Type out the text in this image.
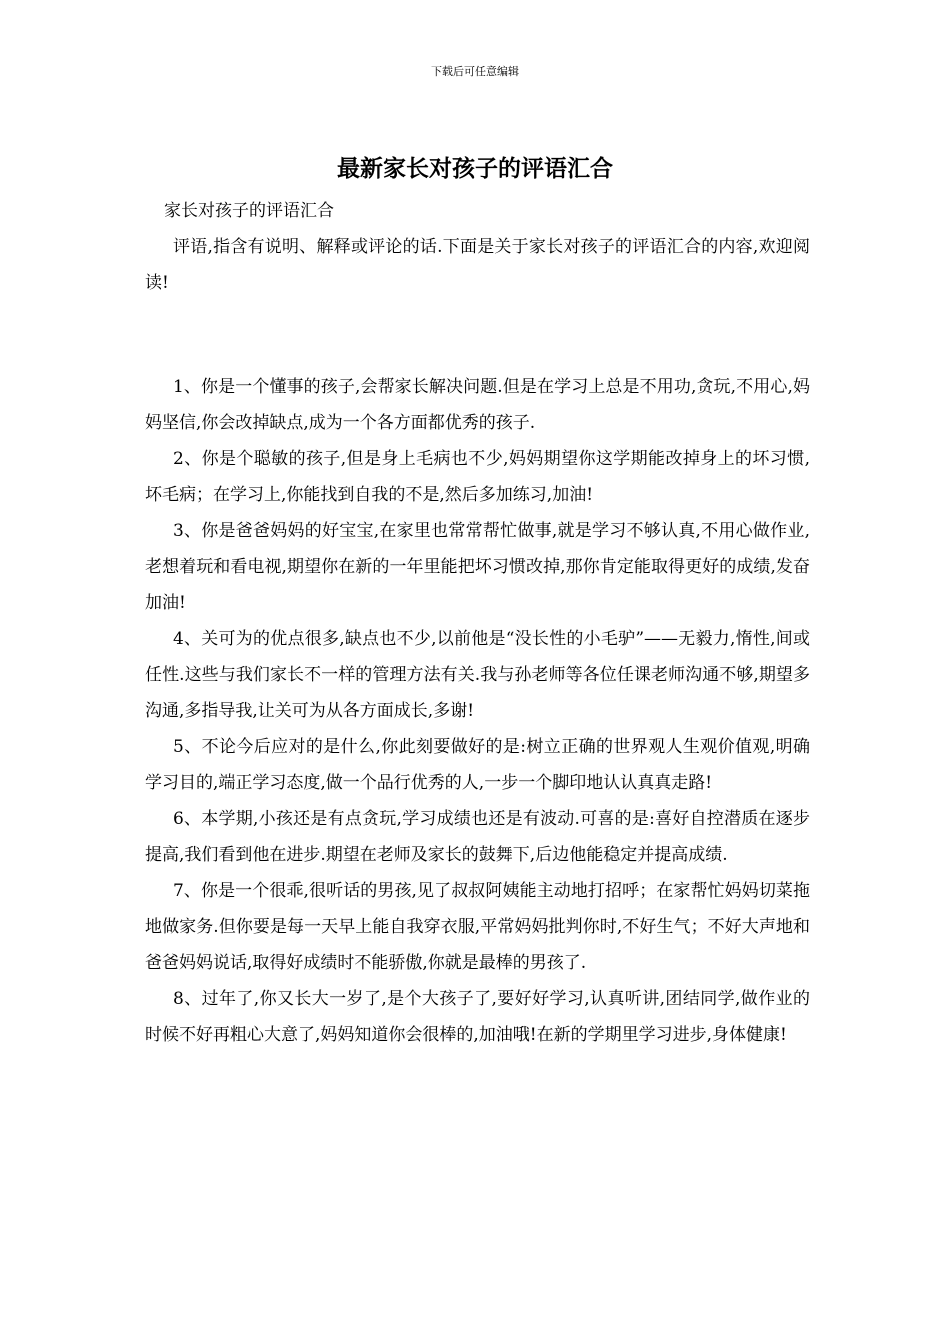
下载后可任意编辑
最新家长对孩子的评语汇合
家长对孩子的评语汇合

评语,指含有说明、解释或评论的话.下面是关于家长对孩子的评语汇合的内容,欢迎阅读!

1、你是一个懂事的孩子,会帮家长解决问题.但是在学习上总是不用功,贪玩,不用心,妈妈坚信,你会改掉缺点,成为一个各方面都优秀的孩子.

2、你是个聪敏的孩子,但是身上毛病也不少,妈妈期望你这学期能改掉身上的坏习惯,坏毛病；在学习上,你能找到自我的不是,然后多加练习,加油!

3、你是爸爸妈妈的好宝宝,在家里也常常帮忙做事,就是学习不够认真,不用心做作业,老想着玩和看电视,期望你在新的一年里能把坏习惯改掉,那你肯定能取得更好的成绩,发奋加油!

4、关可为的优点很多,缺点也不少,以前他是“没长性的小毛驴”——无毅力,惰性,间或任性.这些与我们家长不一样的管理方法有关.我与孙老师等各位任课老师沟通不够,期望多沟通,多指导我,让关可为从各方面成长,多谢!

5、不论今后应对的是什么,你此刻要做好的是:树立正确的世界观人生观价值观,明确学习目的,端正学习态度,做一个品行优秀的人,一步一个脚印地认认真真走路!

6、本学期,小孩还是有点贪玩,学习成绩也还是有波动.可喜的是:喜好自控潜质在逐步提高,我们看到他在进步.期望在老师及家长的鼓舞下,后边他能稳定并提高成绩.

7、你是一个很乖,很听话的男孩,见了叔叔阿姨能主动地打招呼；在家帮忙妈妈切菜拖地做家务.但你要是每一天早上能自我穿衣服,平常妈妈批判你时,不好生气；不好大声地和爸爸妈妈说话,取得好成绩时不能骄傲,你就是最棒的男孩了.

8、过年了,你又长大一岁了,是个大孩子了,要好好学习,认真听讲,团结同学,做作业的时候不好再粗心大意了,妈妈知道你会很棒的,加油哦!在新的学期里学习进步,身体健康!
